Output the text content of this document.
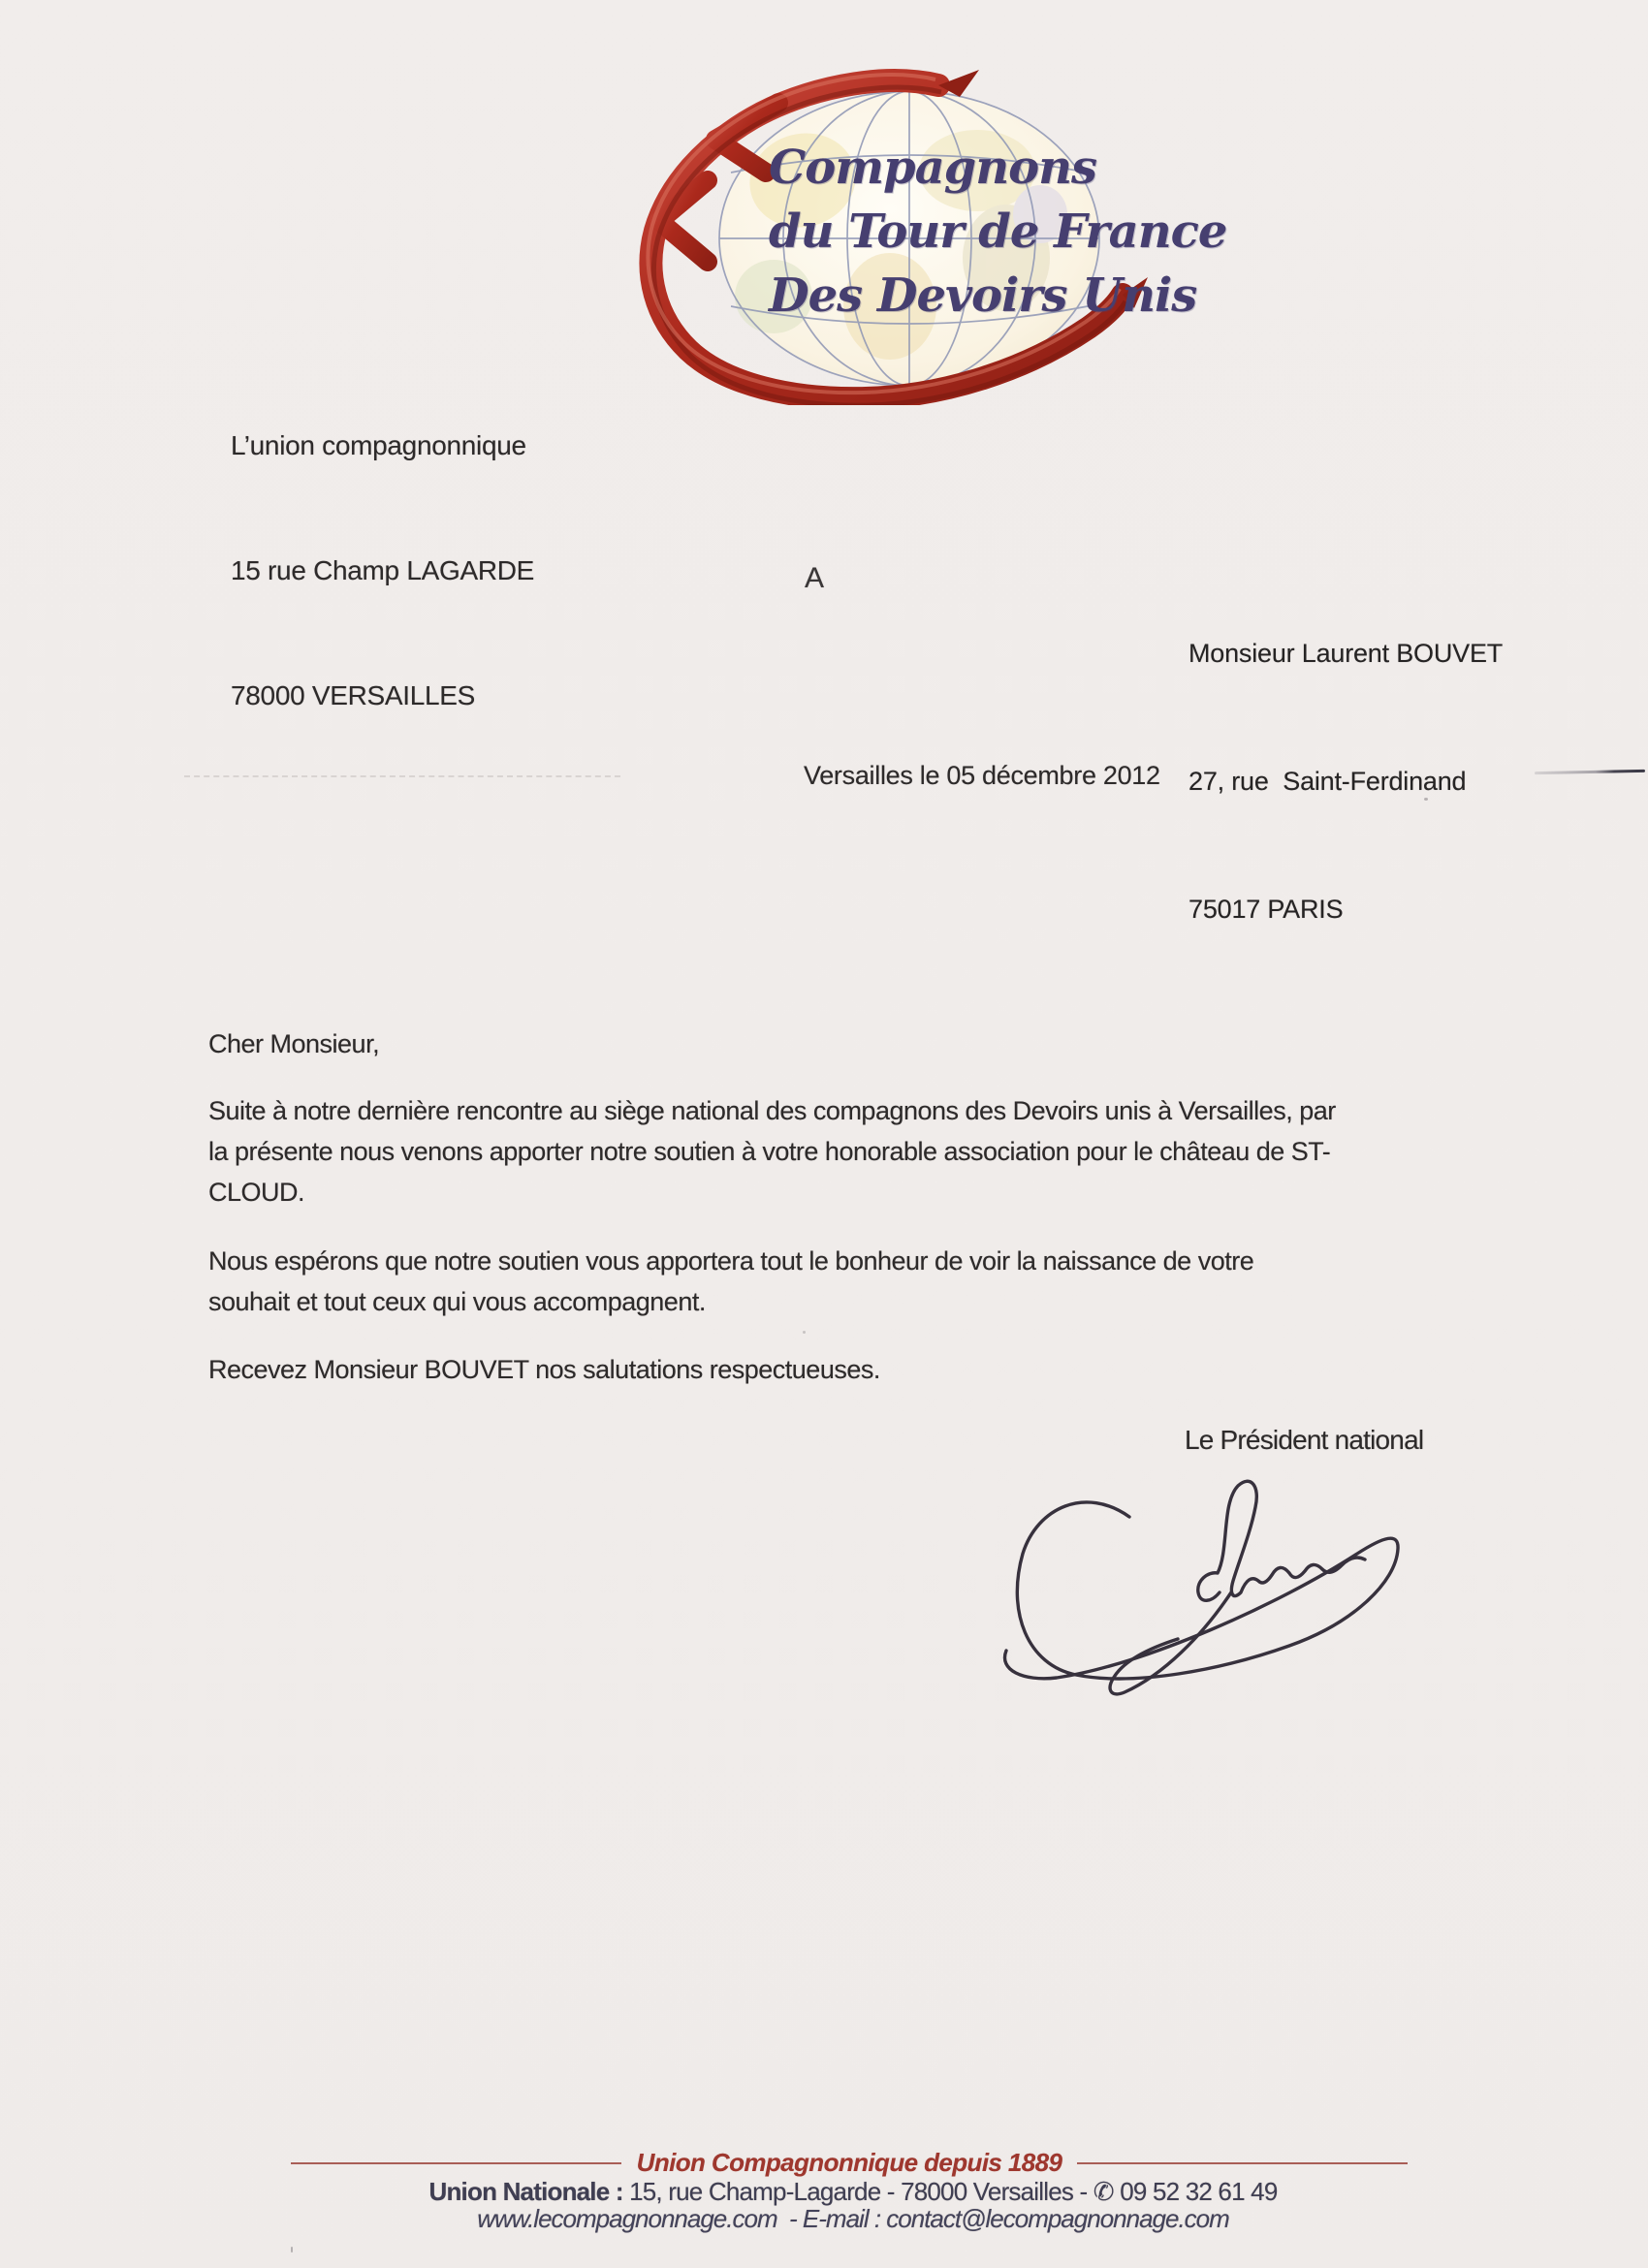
Compagnons
du Tour de France
Des Devoirs Unis

L’union compagnonnique

15 rue Champ LAGARDE

78000 VERSAILLES

A

Monsieur Laurent BOUVET

27, rue  Saint-Ferdinand

75017 PARIS

Versailles le 05 décembre 2012
Cher Monsieur,
Suite à notre dernière rencontre au siège national des compagnons des Devoirs unis à Versailles, par
la présente nous venons apporter notre soutien à votre honorable association pour le château de ST-
CLOUD.
Nous espérons que notre soutien vous apportera tout le bonheur de voir la naissance de votre
souhait et tout ceux qui vous accompagnent.
Recevez Monsieur BOUVET nos salutations respectueuses.
Le Président national
Union Compagnonnique depuis 1889
Union Nationale : 15, rue Champ-Lagarde - 78000 Versailles - ✆ 09 52 32 61 49
www.lecompagnonnage.com  - E-mail : contact@lecompagnonnage.com
